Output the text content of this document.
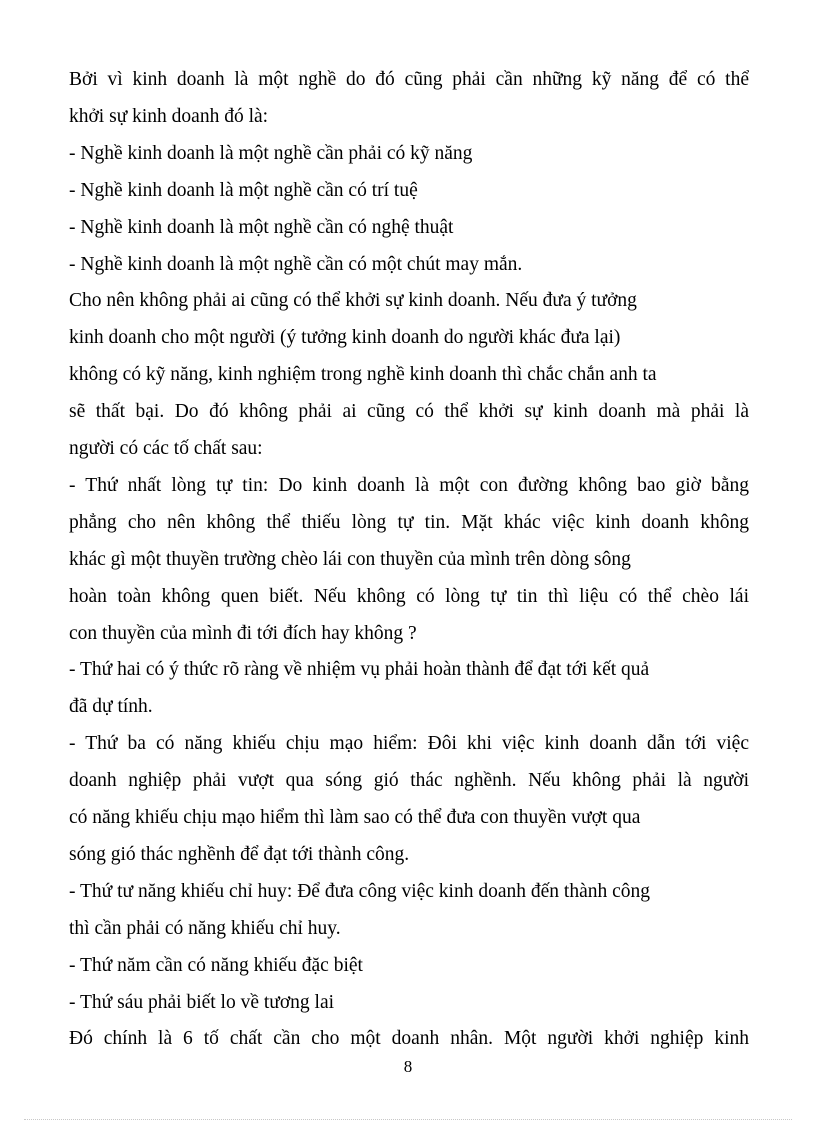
Bởi vì kinh doanh là một nghề do đó cũng phải cần những kỹ năng để có thể
khởi sự kinh doanh đó là:
- Nghề kinh doanh là một nghề cần phải có kỹ năng
- Nghề kinh doanh là một nghề cần có trí tuệ
- Nghề kinh doanh là một nghề cần có nghệ thuật
- Nghề kinh doanh là một nghề cần có một chút may mắn.
Cho nên không phải ai cũng có thể khởi sự kinh doanh. Nếu đưa ý tưởng
kinh doanh cho một người (ý tưởng kinh doanh do người khác đưa lại)
không có kỹ năng, kinh nghiệm trong nghề kinh doanh thì chắc chắn anh ta
sẽ thất bại. Do đó không phải ai cũng có thể khởi sự kinh doanh mà phải là
người có các tố chất sau:
- Thứ nhất lòng tự tin: Do kinh doanh là một con đường không bao giờ bằng
phẳng cho nên không thể thiếu lòng tự tin. Mặt khác việc kinh doanh không
khác gì một thuyền trường chèo lái con thuyền của mình trên dòng sông
hoàn toàn không quen biết. Nếu không có lòng tự tin thì liệu có thể chèo lái
con thuyền của mình đi tới đích hay không ?
- Thứ hai có ý thức rõ ràng về nhiệm vụ phải hoàn thành để đạt tới kết quả
đã dự tính.
- Thứ ba có năng khiếu chịu mạo hiểm: Đôi khi việc kinh doanh dẫn tới việc
doanh nghiệp phải vượt qua sóng gió thác nghềnh. Nếu không phải là người
có năng khiếu chịu mạo hiểm thì làm sao có thể đưa con thuyền vượt qua
sóng gió thác nghềnh để đạt tới thành công.
- Thứ tư năng khiếu chỉ huy: Để đưa công việc kinh doanh đến thành công
thì cần phải có năng khiếu chỉ huy.
- Thứ năm cần có năng khiếu đặc biệt
- Thứ sáu phải biết lo về tương lai
Đó chính là 6 tố chất cần cho một doanh nhân. Một người khởi nghiệp kinh
8
